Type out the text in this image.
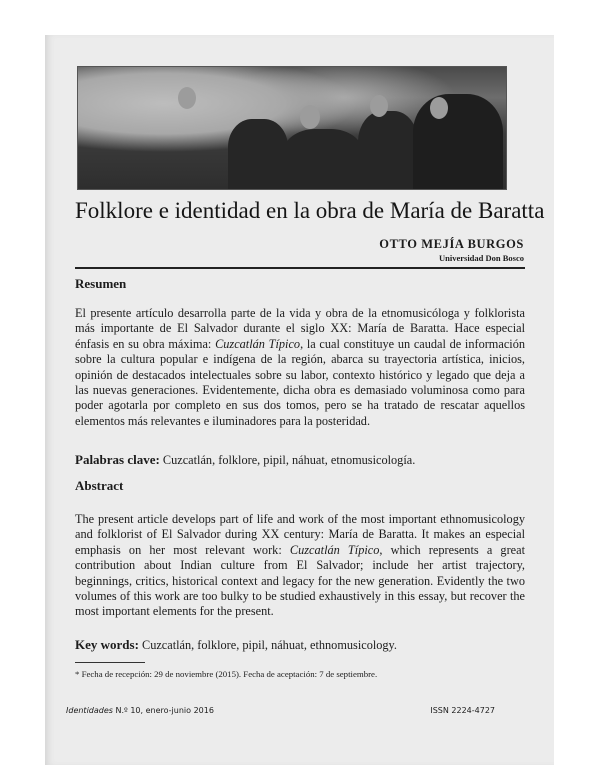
Folklore e identidad en la obra de María de Baratta
OTTO MEJÍA BURGOS
Universidad Don Bosco
Resumen
El presente artículo desarrolla parte de la vida y obra de la etnomusicóloga y folklorista más importante de El Salvador durante el siglo XX: María de Baratta. Hace especial énfasis en su obra máxima: Cuzcatlán Típico, la cual constituye un caudal de información sobre la cultura popular e indígena de la región, abarca su trayectoria artística, inicios, opinión de destacados intelectuales sobre su labor, contexto histórico y legado que deja a las nuevas generaciones. Evidentemente, dicha obra es demasiado voluminosa como para poder agotarla por completo en sus dos tomos, pero se ha tratado de rescatar aquellos elementos más relevantes e iluminadores para la posteridad.
Palabras clave: Cuzcatlán, folklore, pipil, náhuat, etnomusicología.
Abstract
The present article develops part of life and work of the most important ethnomusicology and folklorist of El Salvador during XX century: María de Baratta. It makes an especial emphasis on her most relevant work: Cuzcatlán Típico, which represents a great contribution about Indian culture from El Salvador; include her artist trajectory, beginnings, critics, historical context and legacy for the new generation. Evidently the two volumes of this work are too bulky to be studied exhaustively in this essay, but recover the most important elements for the present.
Key words: Cuzcatlán, folklore, pipil, náhuat, ethnomusicology.
* Fecha de recepción: 29 de noviembre (2015). Fecha de aceptación: 7 de septiembre.
Identidades N.º 10, enero-junio 2016	ISSN 2224-4727
